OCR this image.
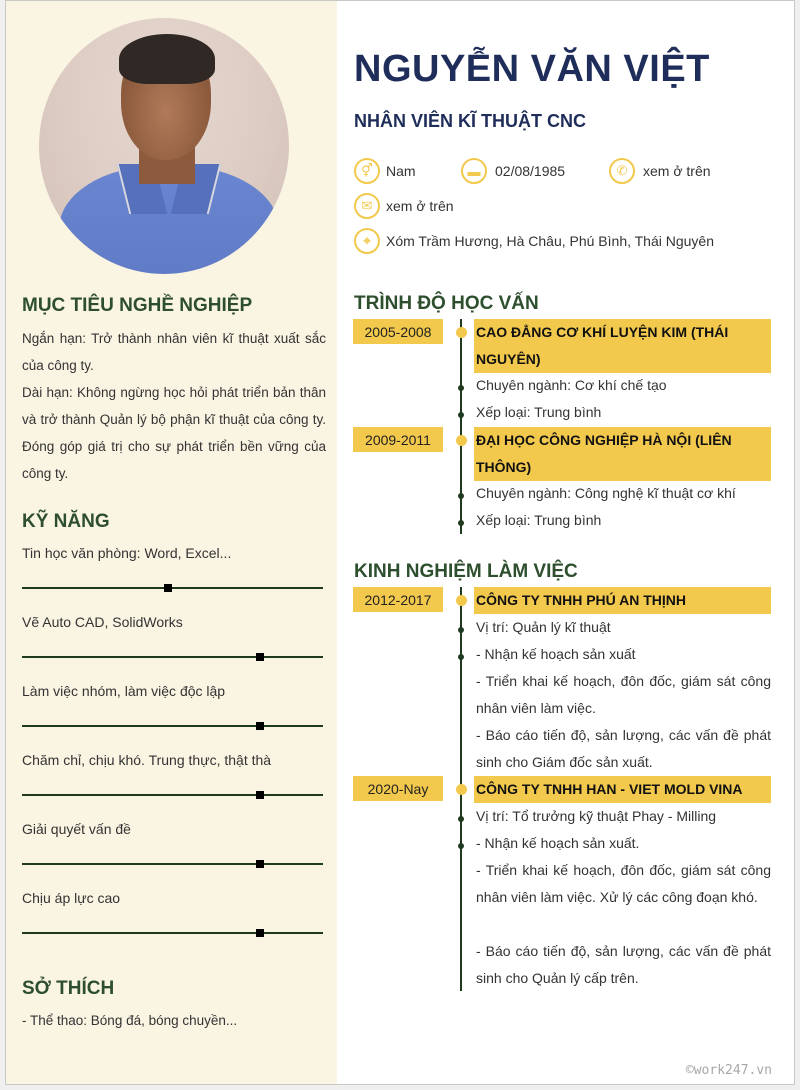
MỤC TIÊU NGHỀ NGHIỆP
Ngắn hạn: Trở thành nhân viên kĩ thuật xuất sắc của công ty.
Dài hạn: Không ngừng học hỏi phát triển bản thân và trở thành Quản lý bộ phận kĩ thuật của công ty. Đóng góp giá trị cho sự phát triển bền vững của công ty.
KỸ NĂNG
Tin học văn phòng: Word, Excel...
Vẽ Auto CAD, SolidWorks
Làm việc nhóm, làm việc độc lập
Chăm chỉ, chịu khó. Trung thực, thật thà
Giải quyết vấn đề
Chịu áp lực cao
SỞ THÍCH
- Thể thao: Bóng đá, bóng chuyền...
NGUYỄN VĂN VIỆT
NHÂN VIÊN KĨ THUẬT CNC
⚥ Nam	▬	02/08/1985	✆	xem ở trên
✉ xem ở trên
⌖	Xóm Trầm Hương, Hà Châu, Phú Bình, Thái Nguyên
TRÌNH ĐỘ HỌC VẤN
2005-2008	CAO ĐẲNG CƠ KHÍ LUYỆN KIM (THÁI NGUYÊN)
Chuyên ngành: Cơ khí chế tạo
Xếp loại: Trung bình
2009-2011	ĐẠI HỌC CÔNG NGHIỆP HÀ NỘI (LIÊN THÔNG)
Chuyên ngành: Công nghệ kĩ thuật cơ khí
Xếp loại: Trung bình
KINH NGHIỆM LÀM VIỆC
2012-2017	CÔNG TY TNHH PHÚ AN THỊNH
Vị trí: Quản lý kĩ thuật
- Nhận kế hoạch sản xuất
- Triển khai kế hoạch, đôn đốc, giám sát công nhân viên làm việc.
- Báo cáo tiến độ, sản lượng, các vấn đề phát sinh cho Giám đốc sản xuất.
2020-Nay	CÔNG TY TNHH HAN - VIET MOLD VINA
Vị trí: Tổ trưởng kỹ thuật Phay - Milling
- Nhận kế hoạch sản xuất.
- Triển khai kế hoạch, đôn đốc, giám sát công nhân viên làm việc. Xử lý các công đoạn khó.
- Báo cáo tiến độ, sản lượng, các vấn đề phát sinh cho Quản lý cấp trên.
©work247.vn
